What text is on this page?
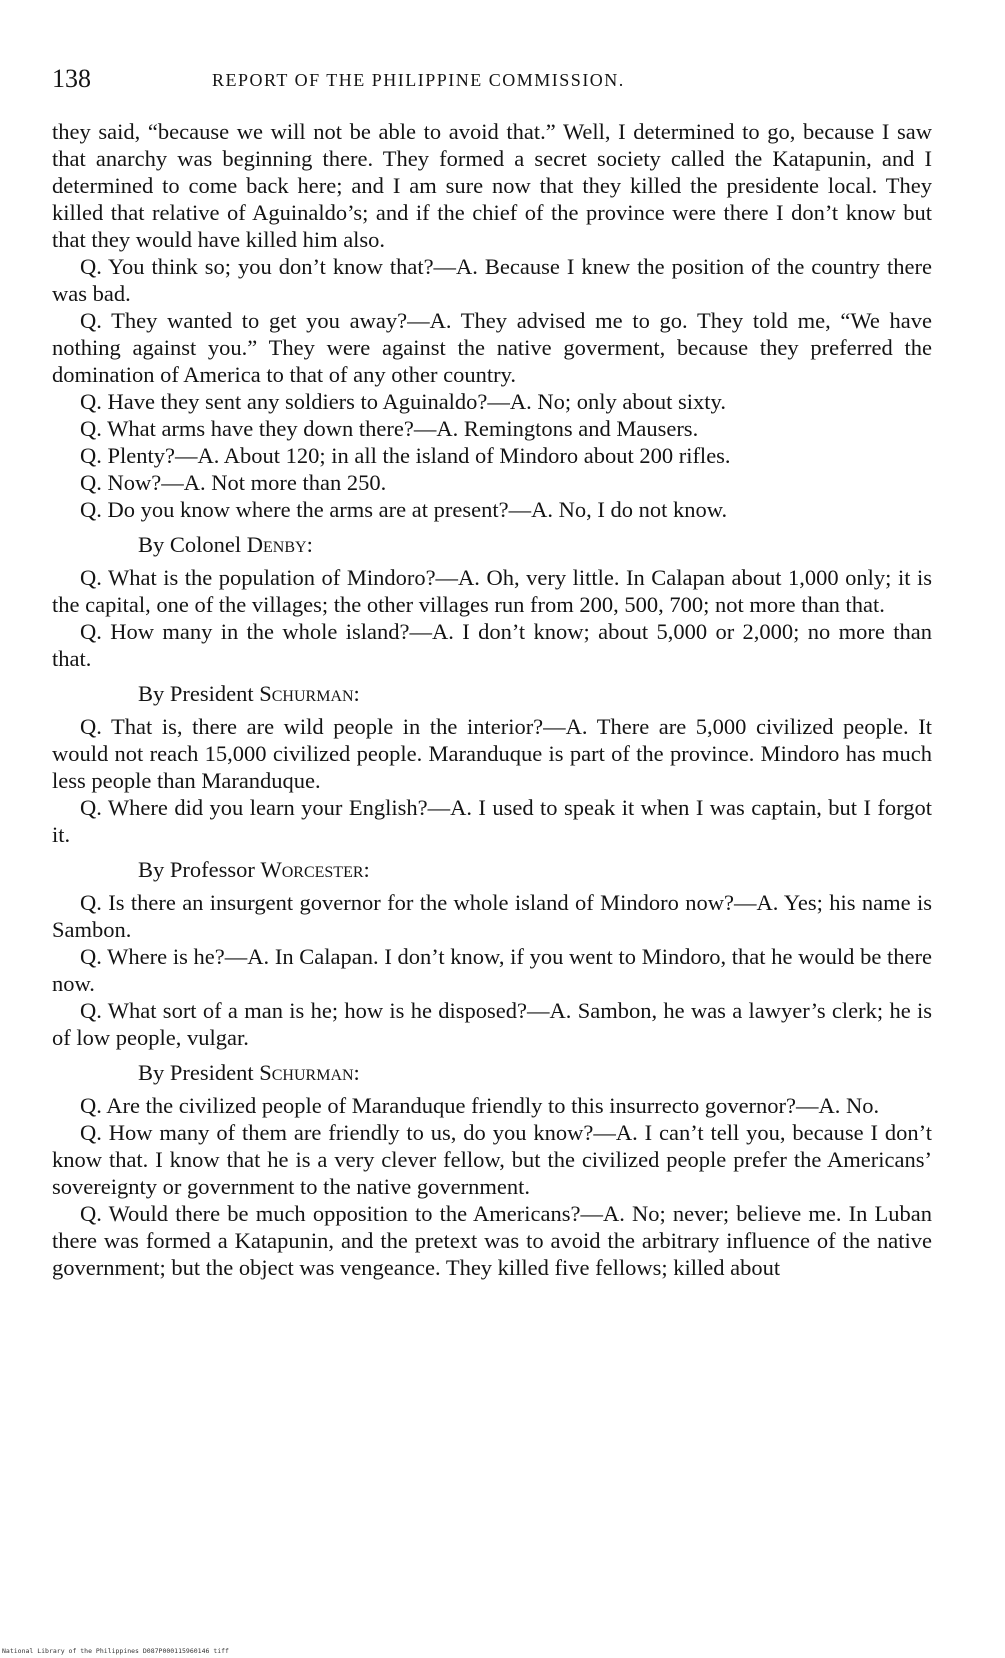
138	REPORT OF THE PHILIPPINE COMMISSION.

they said, “because we will not be able to avoid that.” Well, I determined to go, because I saw that anarchy was beginning there. They formed a secret society called the Katapunin, and I determined to come back here; and I am sure now that they killed the presidente local. They killed that relative of Aguinaldo’s; and if the chief of the province were there I don’t know but that they would have killed him also.

Q. You think so; you don’t know that?—A. Because I knew the position of the country there was bad.

Q. They wanted to get you away?—A. They advised me to go. They told me, “We have nothing against you.” They were against the native goverment, because they preferred the domination of America to that of any other country.

Q. Have they sent any soldiers to Aguinaldo?—A. No; only about sixty.

Q. What arms have they down there?—A. Remingtons and Mausers.

Q. Plenty?—A. About 120; in all the island of Mindoro about 200 rifles.

Q. Now?—A. Not more than 250.

Q. Do you know where the arms are at present?—A. No, I do not know.

By Colonel Denby:

Q. What is the population of Mindoro?—A. Oh, very little. In Calapan about 1,000 only; it is the capital, one of the villages; the other villages run from 200, 500, 700; not more than that.

Q. How many in the whole island?—A. I don’t know; about 5,000 or 2,000; no more than that.

By President Schurman:

Q. That is, there are wild people in the interior?—A. There are 5,000 civilized people. It would not reach 15,000 civilized people. Maranduque is part of the province. Mindoro has much less people than Maranduque.

Q. Where did you learn your English?—A. I used to speak it when I was captain, but I forgot it.

By Professor Worcester:

Q. Is there an insurgent governor for the whole island of Mindoro now?—A. Yes; his name is Sambon.

Q. Where is he?—A. In Calapan. I don’t know, if you went to Mindoro, that he would be there now.

Q. What sort of a man is he; how is he disposed?—A. Sambon, he was a lawyer’s clerk; he is of low people, vulgar.

By President Schurman:

Q. Are the civilized people of Maranduque friendly to this insurrecto governor?—A. No.

Q. How many of them are friendly to us, do you know?—A. I can’t tell you, because I don’t know that. I know that he is a very clever fellow, but the civilized people prefer the Americans’ sovereignty or government to the native government.

Q. Would there be much opposition to the Americans?—A. No; never; believe me. In Luban there was formed a Katapunin, and the pretext was to avoid the arbitrary influence of the native government; but the object was vengeance. They killed five fellows; killed about

National Library of the Philippines D087P000115960146 tiff
